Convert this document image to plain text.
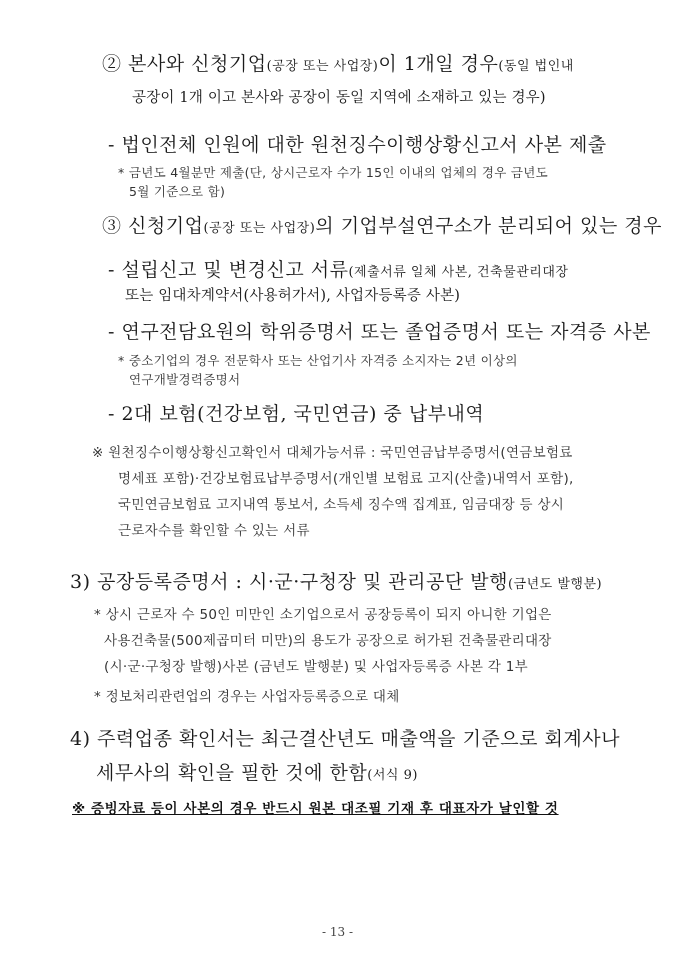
② 본사와 신청기업(공장 또는 사업장)이 1개일 경우(동일 법인내
공장이 1개 이고 본사와 공장이 동일 지역에 소재하고 있는 경우)
- 법인전체 인원에 대한 원천징수이행상황신고서 사본 제출
* 금년도 4월분만 제출(단, 상시근로자 수가 15인 이내의 업체의 경우 금년도
5월 기준으로 함)
③ 신청기업(공장 또는 사업장)의 기업부설연구소가 분리되어 있는 경우
- 설립신고 및 변경신고 서류(제출서류 일체 사본, 건축물관리대장
또는 임대차계약서(사용허가서), 사업자등록증 사본)
- 연구전담요원의 학위증명서 또는 졸업증명서 또는 자격증 사본
* 중소기업의 경우 전문학사 또는 산업기사 자격증 소지자는 2년 이상의
연구개발경력증명서
- 2대 보험(건강보험, 국민연금) 중 납부내역
※ 원천징수이행상황신고확인서 대체가능서류 : 국민연금납부증명서(연금보험료
명세표 포함)·건강보험료납부증명서(개인별 보험료 고지(산출)내역서 포함),
국민연금보험료 고지내역 통보서, 소득세 징수액 집계표, 임금대장 등 상시
근로자수를 확인할 수 있는 서류
3) 공장등록증명서 : 시·군·구청장 및 관리공단 발행(금년도 발행분)
* 상시 근로자 수 50인 미만인 소기업으로서 공장등록이 되지 아니한 기업은
사용건축물(500제곱미터 미만)의 용도가 공장으로 허가된 건축물관리대장
(시·군·구청장 발행)사본 (금년도 발행분) 및 사업자등록증 사본 각 1부
* 정보처리관련업의 경우는 사업자등록증으로 대체
4) 주력업종 확인서는 최근결산년도 매출액을 기준으로 회계사나
세무사의 확인을 필한 것에 한함(서식 9)
※ 증빙자료 등이 사본의 경우 반드시 원본 대조필 기재 후 대표자가 날인할 것
- 13 -
